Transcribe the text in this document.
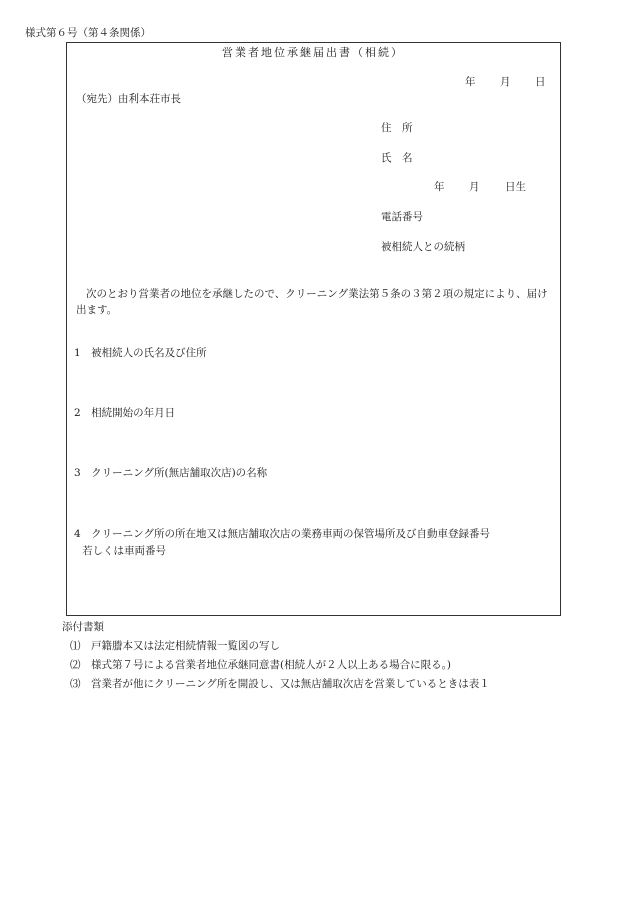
様式第６号（第４条関係）
営業者地位承継届出書（相続）
年 月 日
（宛先）由利本荘市長
住　所
氏　名
年 月 日生
電話番号
被相続人との続柄
次のとおり営業者の地位を承継したので、クリーニング業法第５条の３第２項の規定により、届け出ます。
1　被相続人の氏名及び住所
2　相続開始の年月日
3　クリーニング所(無店舗取次店)の名称
4　クリーニング所の所在地又は無店舗取次店の業務車両の保管場所及び自動車登録番号
若しくは車両番号
添付書類
⑴　戸籍謄本又は法定相続情報一覧図の写し
⑵　様式第７号による営業者地位承継同意書(相続人が２人以上ある場合に限る。)
⑶　営業者が他にクリーニング所を開設し、又は無店舗取次店を営業しているときは表１
